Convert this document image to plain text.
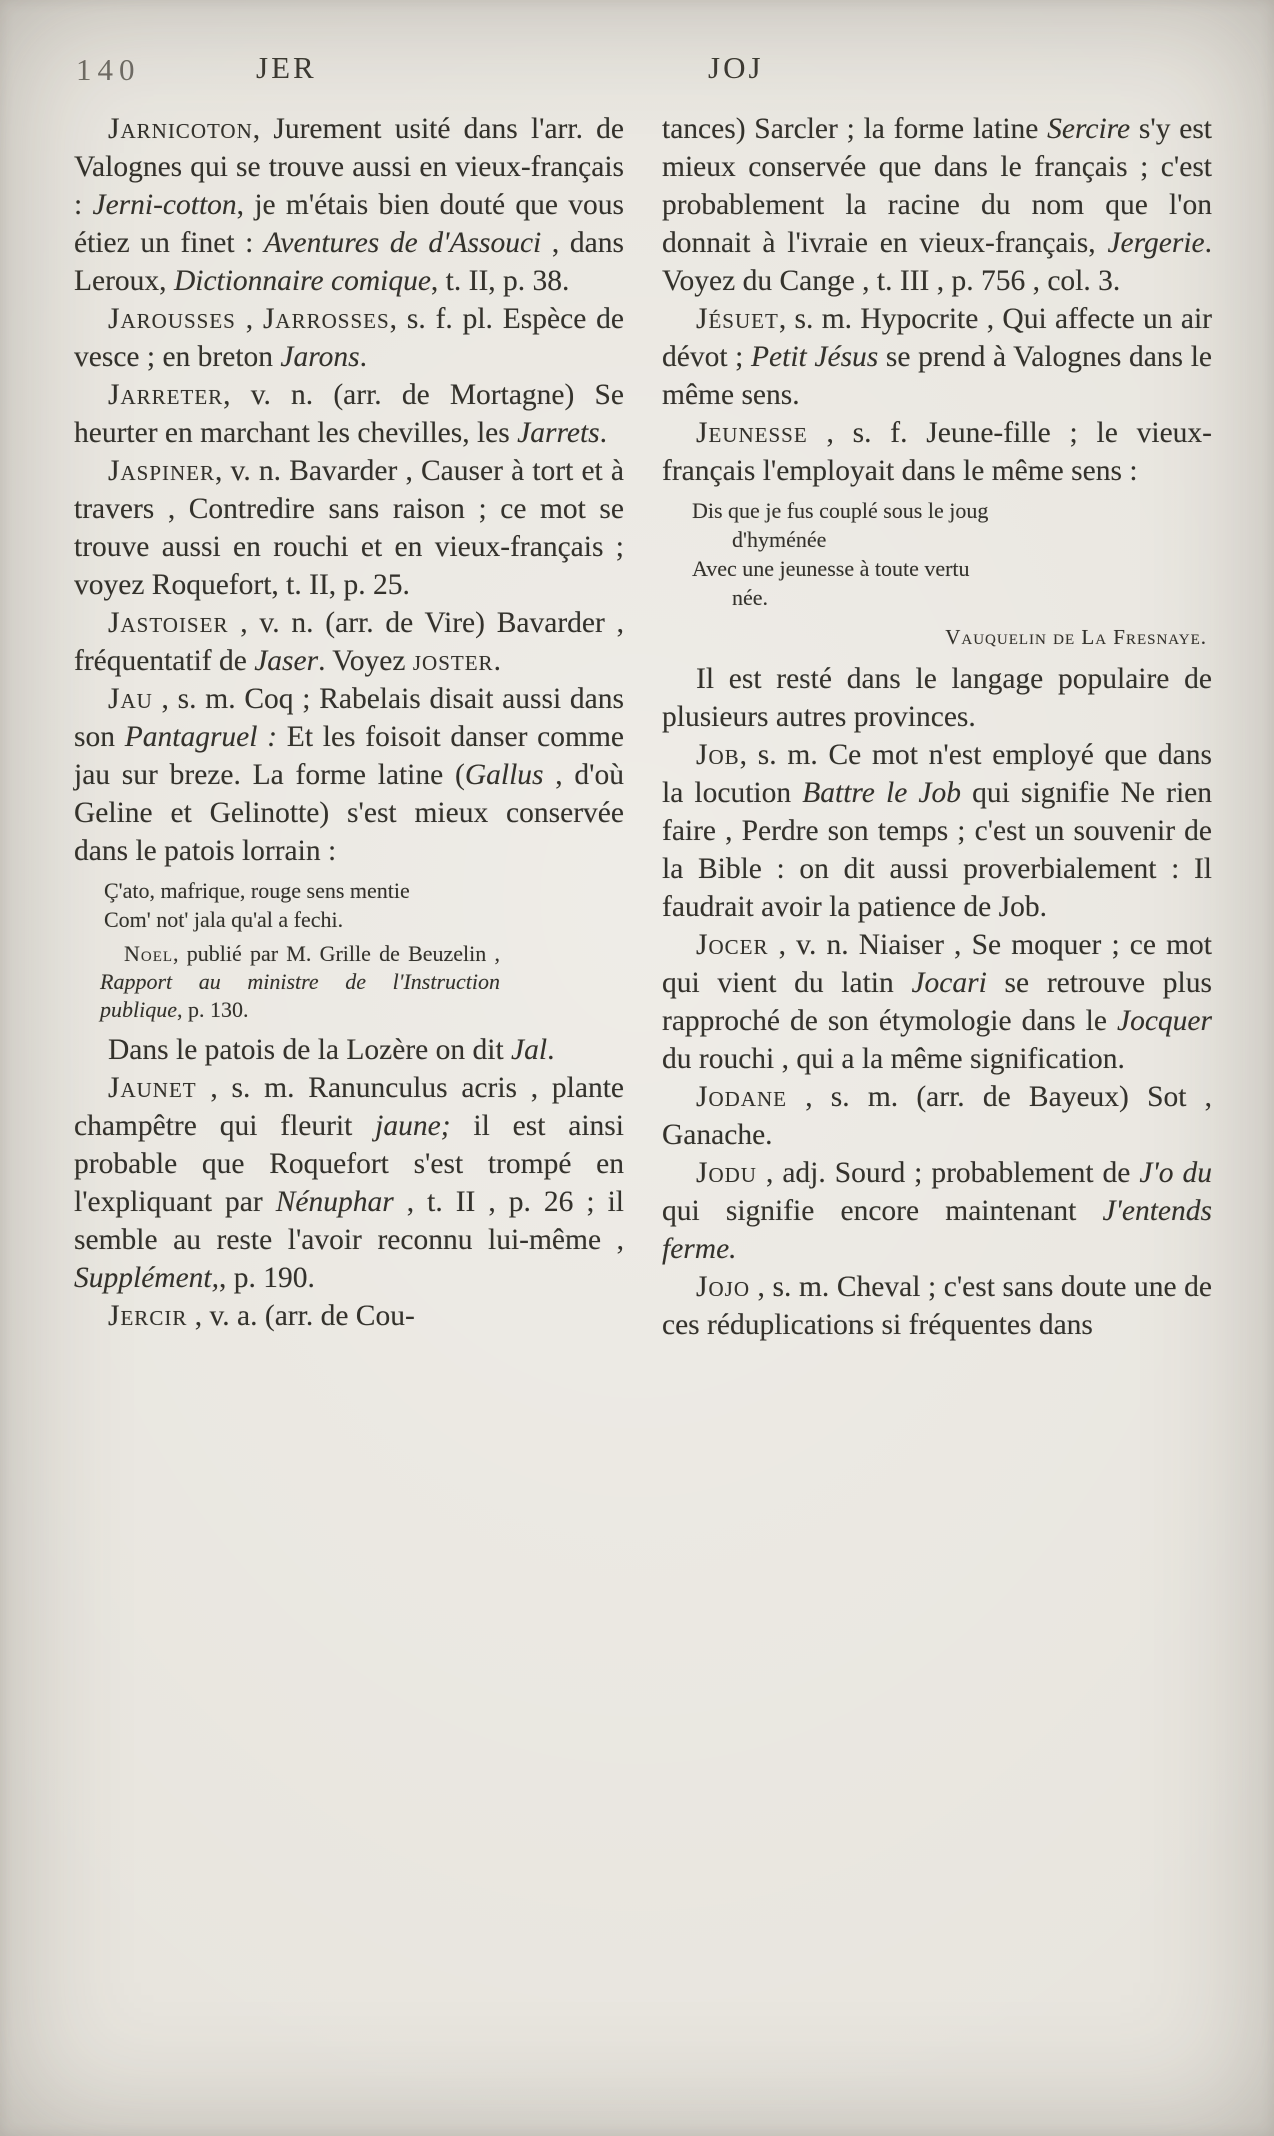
140	JER	JOJ
Jarnicoton, Jurement usité dans l'arr. de Valognes qui se trouve aussi en vieux-français : Jerni-cotton, je m'étais bien douté que vous étiez un finet : Aventures de d'Assouci , dans Leroux, Dictionnaire comique, t. II, p. 38.
Jarousses , Jarrosses, s. f. pl. Espèce de vesce ; en breton Jarons.
Jarreter, v. n. (arr. de Mortagne) Se heurter en marchant les chevilles, les Jarrets.
Jaspiner, v. n. Bavarder , Causer à tort et à travers , Contredire sans raison ; ce mot se trouve aussi en rouchi et en vieux-français ; voyez Roquefort, t. II, p. 25.
Jastoiser , v. n. (arr. de Vire) Bavarder , fréquentatif de Jaser. Voyez joster.
Jau , s. m. Coq ; Rabelais disait aussi dans son Pantagruel : Et les foisoit danser comme jau sur breze. La forme latine (Gallus , d'où Geline et Gelinotte) s'est mieux conservée dans le patois lorrain :
Ç'ato, mafrique, rouge sens mentie
Com' not' jala qu'al a fechi.
Noel, publié par M. Grille de Beuzelin , Rapport au ministre de l'Instruction publique, p. 130.
Dans le patois de la Lozère on dit Jal.
Jaunet , s. m. Ranunculus acris , plante champêtre qui fleurit jaune; il est ainsi probable que Roquefort s'est trompé en l'expliquant par Nénuphar , t. II , p. 26 ; il semble au reste l'avoir reconnu lui-même , Supplément,, p. 190.
Jercir , v. a. (arr. de Cou-
tances) Sarcler ; la forme latine Sercire s'y est mieux conservée que dans le français ; c'est probablement la racine du nom que l'on donnait à l'ivraie en vieux-français, Jergerie. Voyez du Cange , t. III , p. 756 , col. 3.
Jésuet, s. m. Hypocrite , Qui affecte un air dévot ; Petit Jésus se prend à Valognes dans le même sens.
Jeunesse , s. f. Jeune-fille ; le vieux-français l'employait dans le même sens :
Dis que je fus couplé sous le joug
d'hyménée
Avec une jeunesse à toute vertu
née.
Vauquelin de La Fresnaye.
Il est resté dans le langage populaire de plusieurs autres provinces.
Job, s. m. Ce mot n'est employé que dans la locution Battre le Job qui signifie Ne rien faire , Perdre son temps ; c'est un souvenir de la Bible : on dit aussi proverbialement : Il faudrait avoir la patience de Job.
Jocer , v. n. Niaiser , Se moquer ; ce mot qui vient du latin Jocari se retrouve plus rapproché de son étymologie dans le Jocquer du rouchi , qui a la même signification.
Jodane , s. m. (arr. de Bayeux) Sot , Ganache.
Jodu , adj. Sourd ; probablement de J'o du qui signifie encore maintenant J'entends ferme.
Jojo , s. m. Cheval ; c'est sans doute une de ces réduplications si fréquentes dans
